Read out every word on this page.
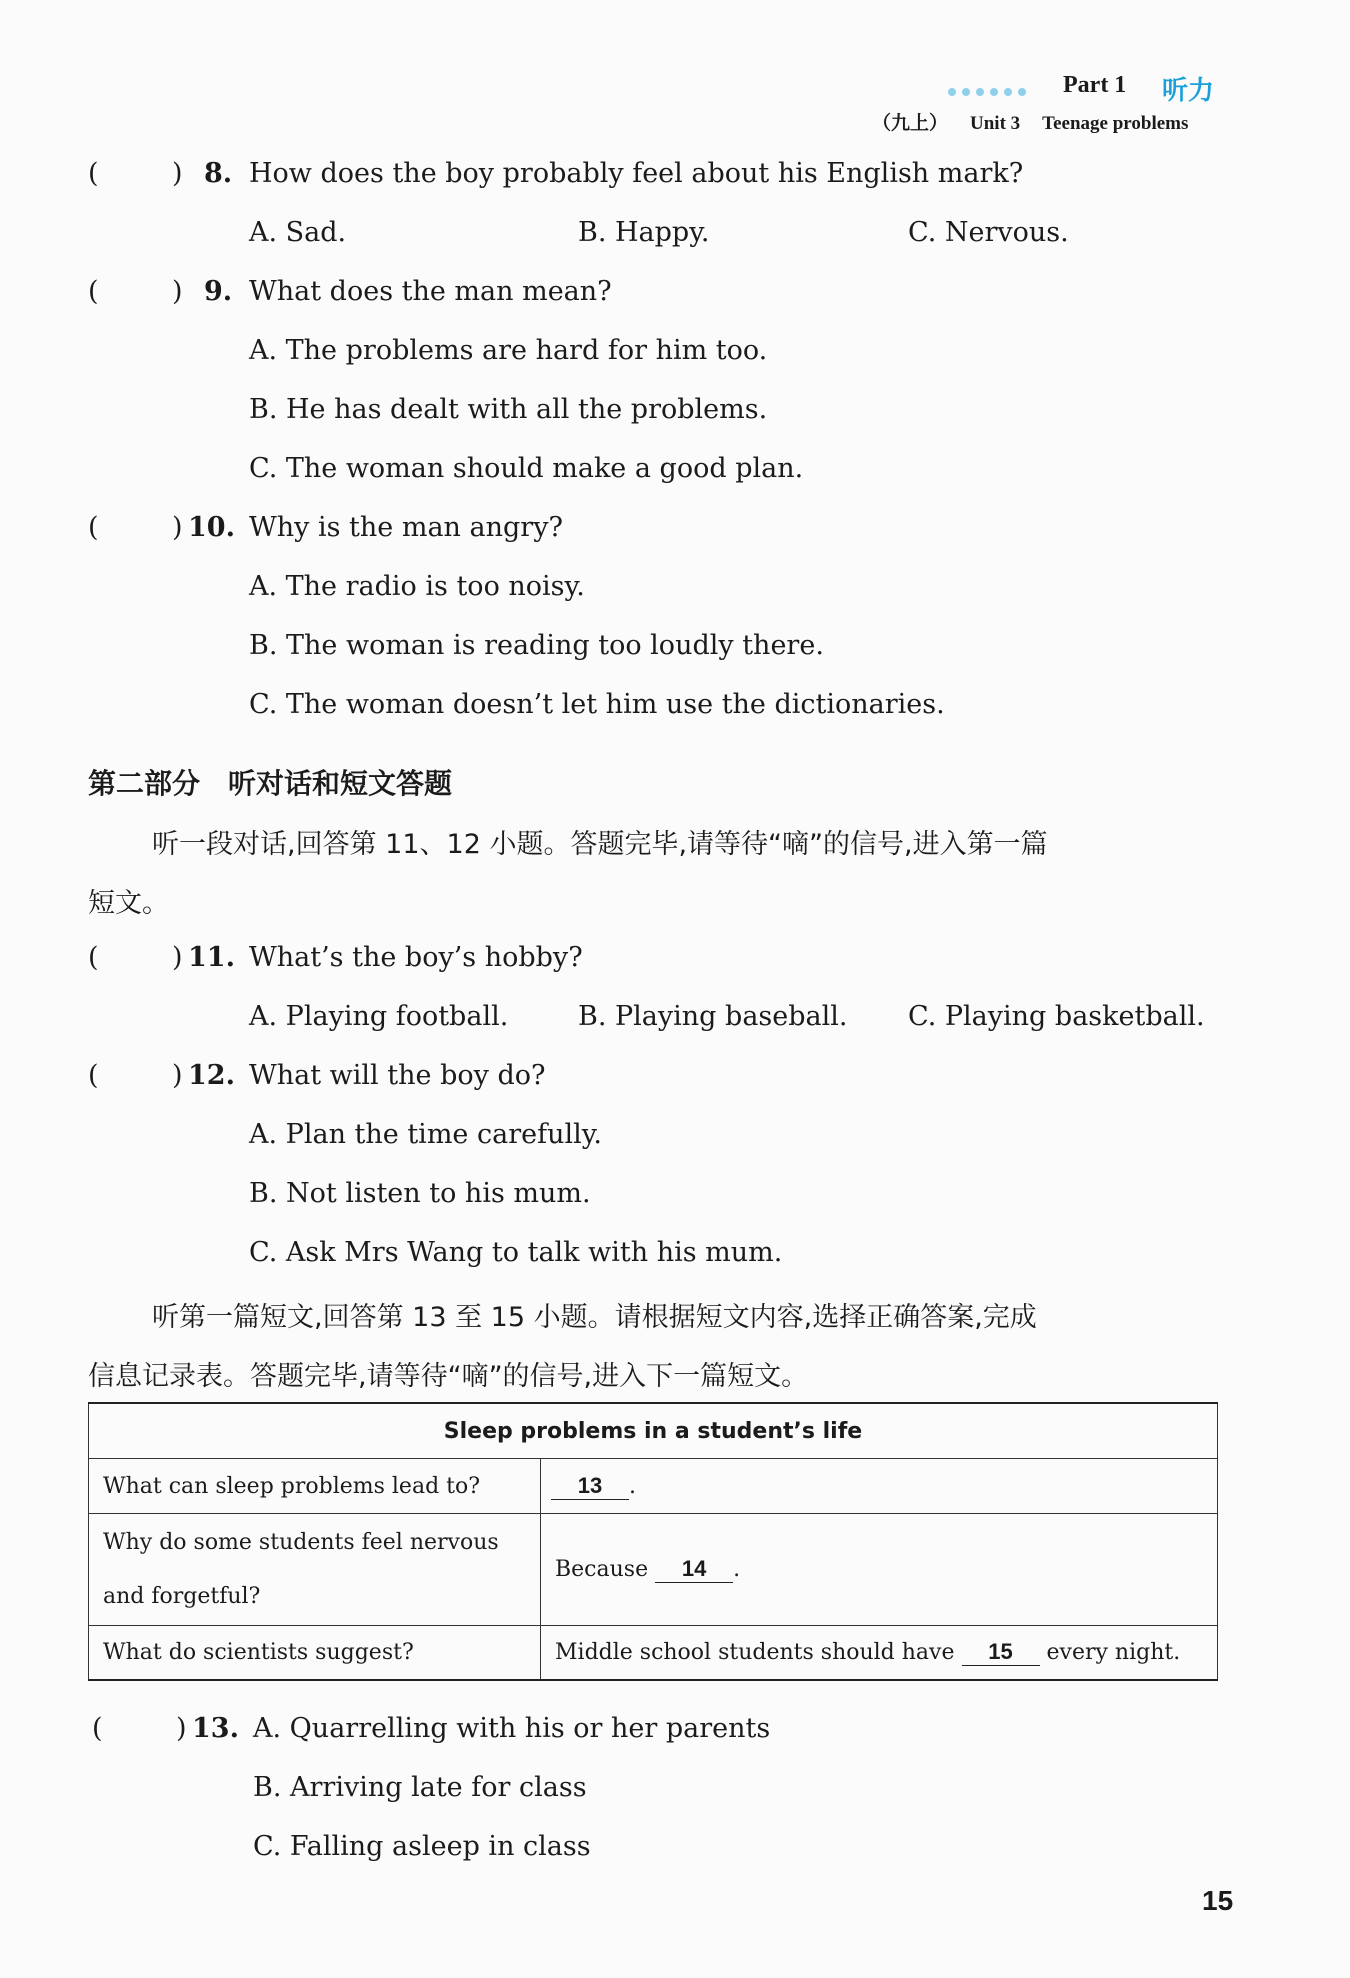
Part 1 听力
（九上） Unit 3 Teenage problems
(	) 8. How does the boy probably feel about his English mark?
A. Sad.	B. Happy.	C. Nervous.
(	) 9. What does the man mean?
A. The problems are hard for him too.
B. He has dealt with all the problems.
C. The woman should make a good plan.
(	) 10. Why is the man angry?
A. The radio is too noisy.
B. The woman is reading too loudly there.
C. The woman doesn’t let him use the dictionaries.
第二部分　听对话和短文答题
听一段对话,回答第 11、12 小题。答题完毕,请等待“嘀”的信号,进入第一篇
短文。
(	) 11. What’s the boy’s hobby?
A. Playing football.	B. Playing baseball. C. Playing basketball.
(	) 12. What will the boy do?
A. Plan the time carefully.
B. Not listen to his mum.
C. Ask Mrs Wang to talk with his mum.
听第一篇短文,回答第 13 至 15 小题。请根据短文内容,选择正确答案,完成
信息记录表。答题完毕,请等待“嘀”的信号,进入下一篇短文。
Sleep problems in a student’s life	
What can sleep problems lead to?	13 .
Why do some students feel nervous and forgetful?	Because 14 .
What do scientists suggest?	Middle school students should have 15 every night.
(	) 13. A. Quarrelling with his or her parents
B. Arriving late for class
C. Falling asleep in class
15
